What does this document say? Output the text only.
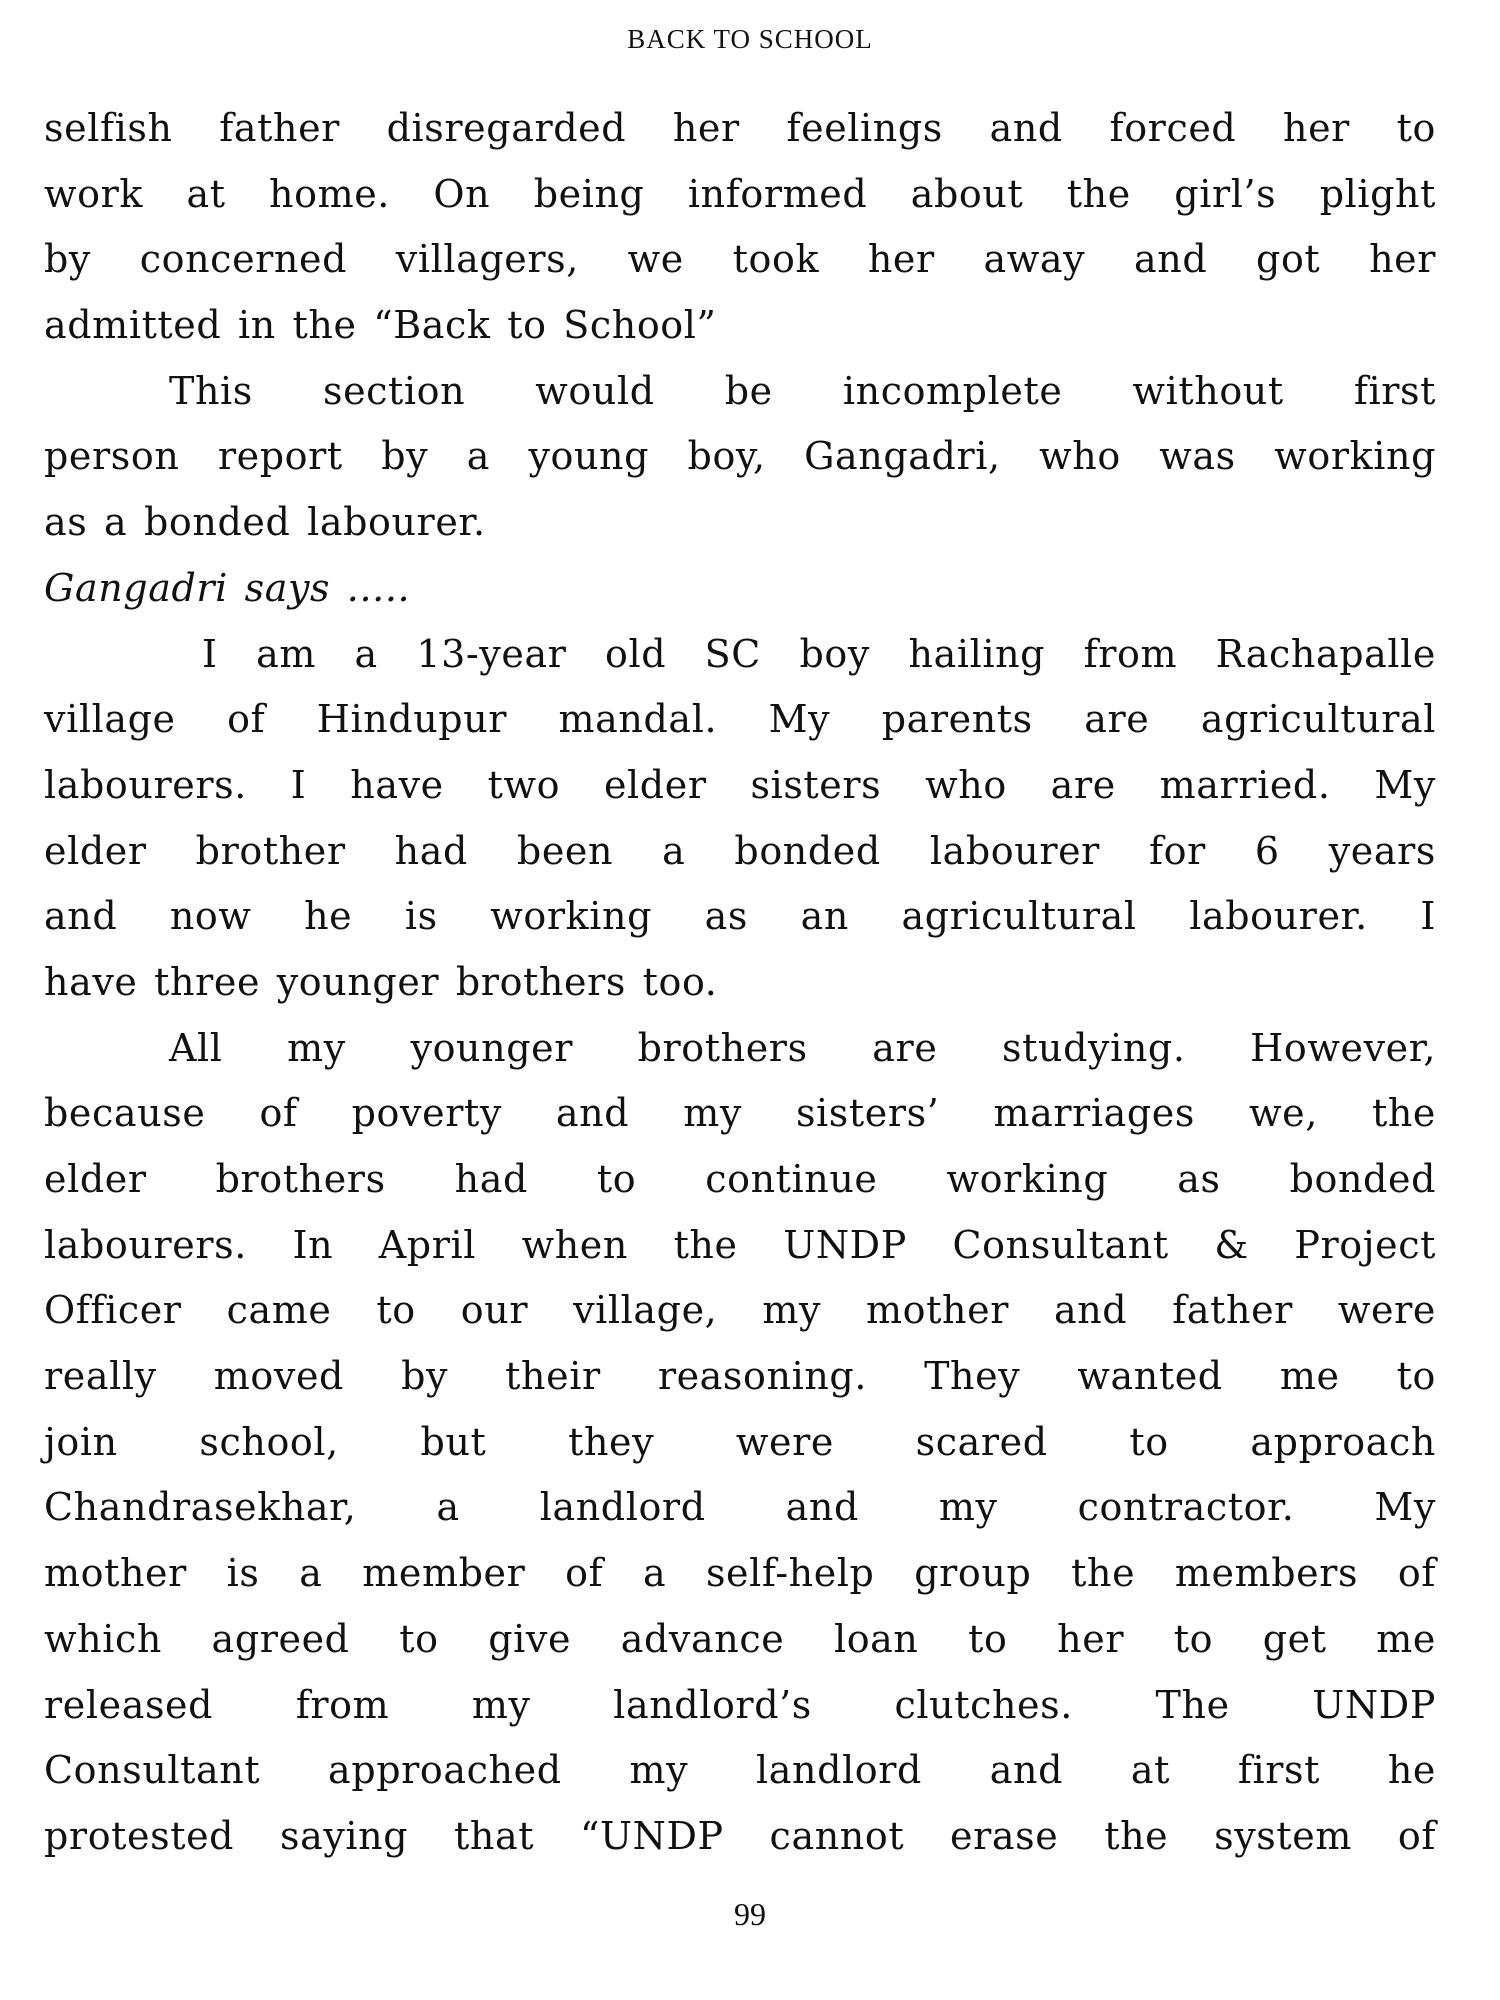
BACK TO SCHOOL
selfish father disregarded her feelings and forced her to
work at home. On being informed about the girl’s plight
by concerned villagers, we took her away and got her
admitted in the “Back to School”
This section would be incomplete without first
person report by a young boy, Gangadri, who was working
as a bonded labourer.
Gangadri says .....
I am a 13-year old SC boy hailing from Rachapalle
village of Hindupur mandal. My parents are agricultural
labourers. I have two elder sisters who are married. My
elder brother had been a bonded labourer for 6 years
and now he is working as an agricultural labourer. I
have three younger brothers too.
All my younger brothers are studying. However,
because of poverty and my sisters’ marriages we, the
elder brothers had to continue working as bonded
labourers. In April when the UNDP Consultant & Project
Officer came to our village, my mother and father were
really moved by their reasoning. They wanted me to
join school, but they were scared to approach
Chandrasekhar, a landlord and my contractor. My
mother is a member of a self-help group the members of
which agreed to give advance loan to her to get me
released from my landlord’s clutches. The UNDP
Consultant approached my landlord and at first he
protested saying that “UNDP cannot erase the system of
99
